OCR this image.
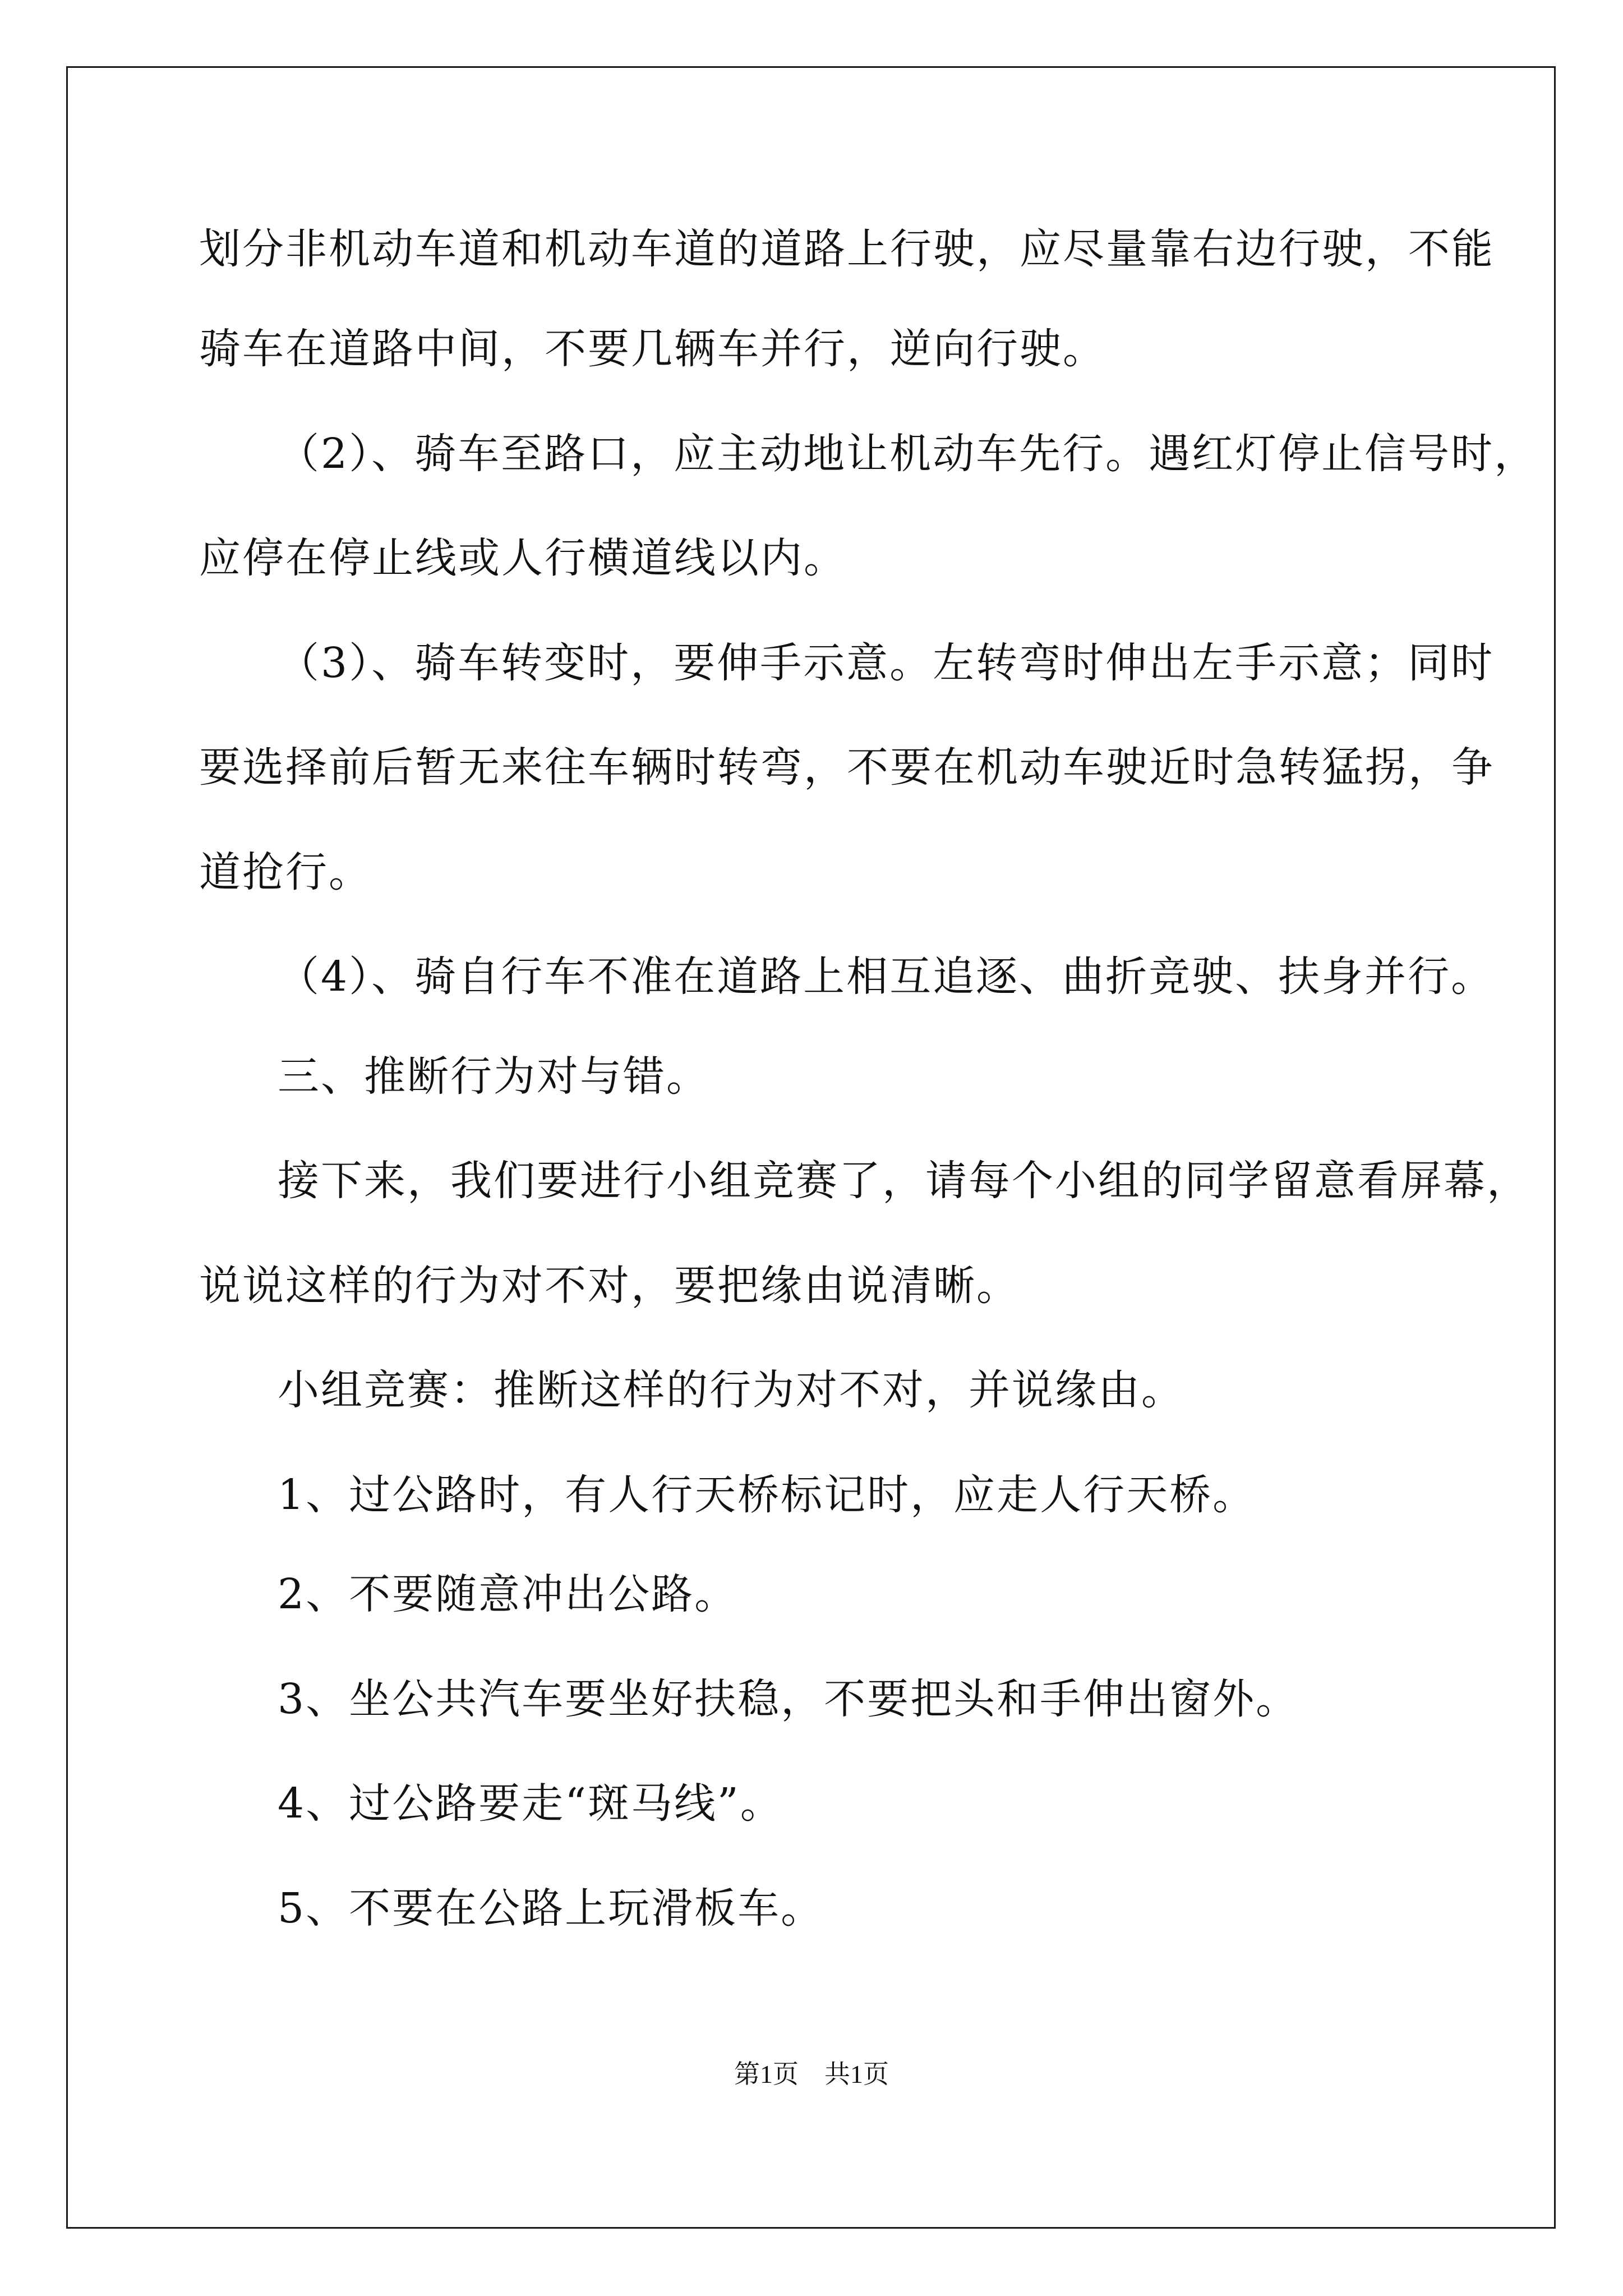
划分非机动车道和机动车道的道路上行驶，应尽量靠右边行驶，不能
骑车在道路中间，不要几辆车并行，逆向行驶。
（2）、骑车至路口，应主动地让机动车先行。遇红灯停止信号时，
应停在停止线或人行横道线以内。
（3）、骑车转变时，要伸手示意。左转弯时伸出左手示意；同时
要选择前后暂无来往车辆时转弯，不要在机动车驶近时急转猛拐，争
道抢行。
（4）、骑自行车不准在道路上相互追逐、曲折竞驶、扶身并行。
三、推断行为对与错。
接下来，我们要进行小组竞赛了，请每个小组的同学留意看屏幕，
说说这样的行为对不对，要把缘由说清晰。
小组竞赛：推断这样的行为对不对，并说缘由。
1、过公路时，有人行天桥标记时，应走人行天桥。
2、不要随意冲出公路。
3、坐公共汽车要坐好扶稳，不要把头和手伸出窗外。
4、过公路要走“斑马线”。
5、不要在公路上玩滑板车。
第1页　共1页
